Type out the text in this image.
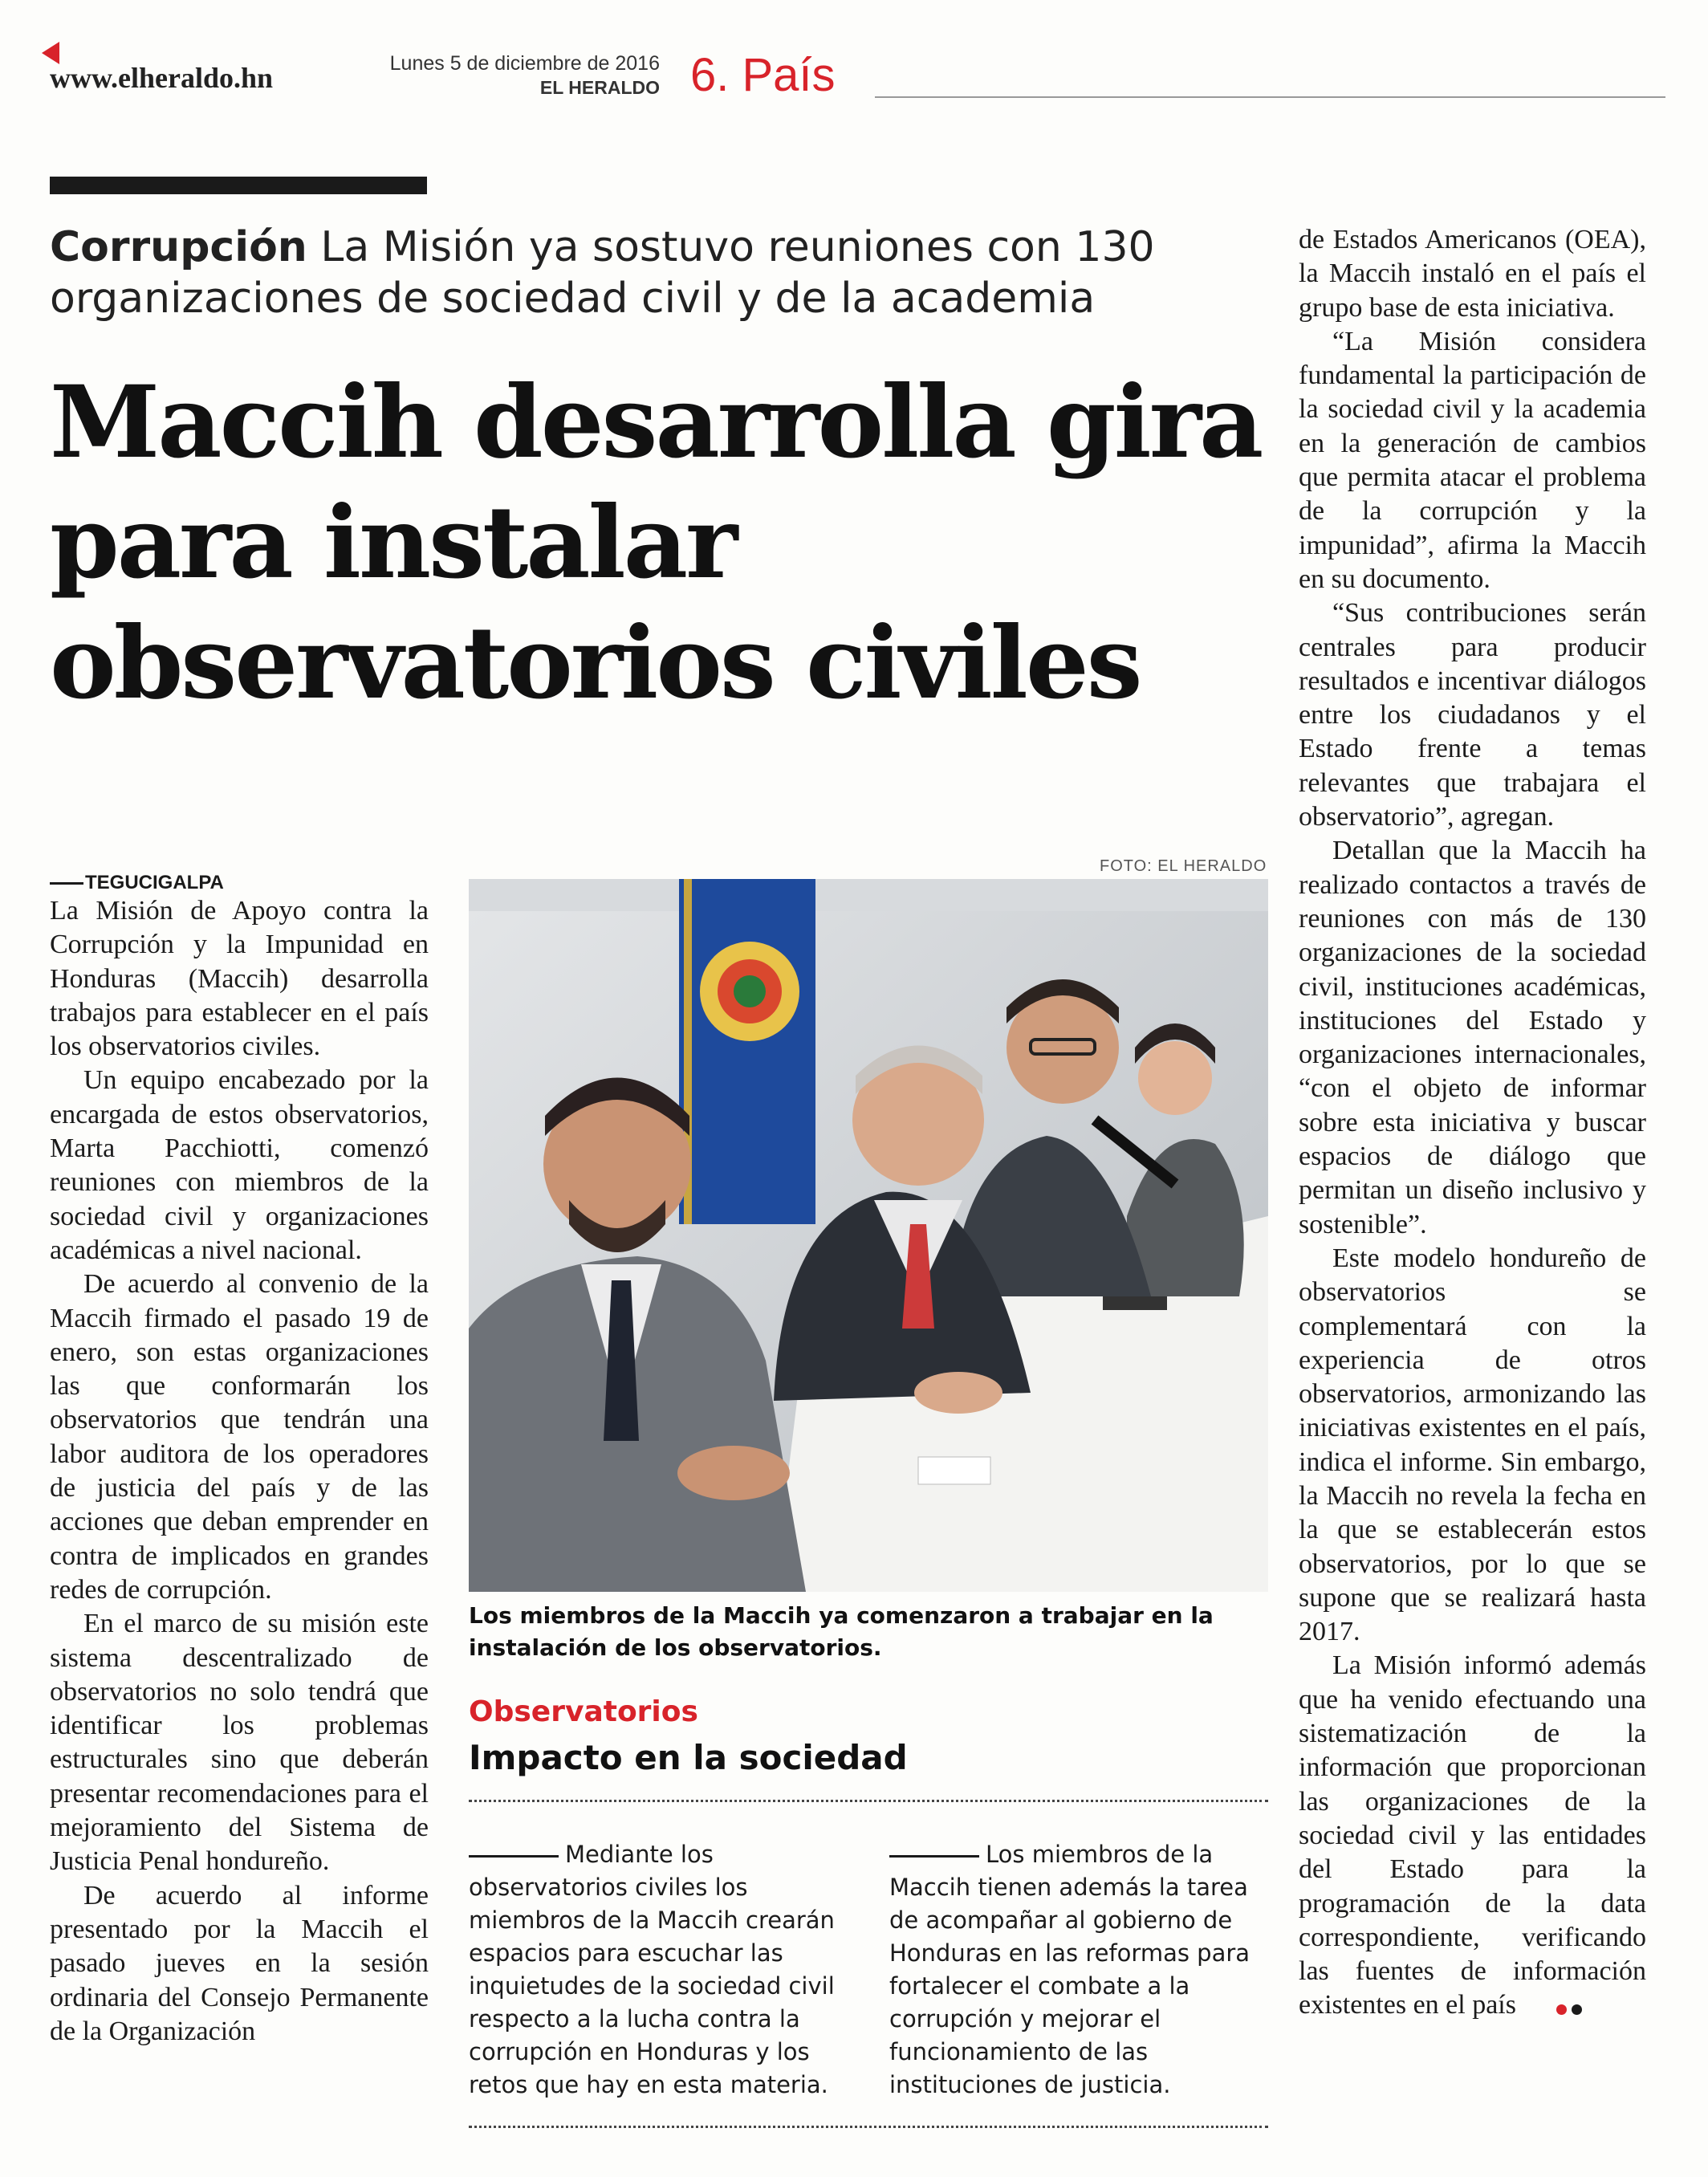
www.elheraldo.hn	Lunes 5 de diciembre de 2016
EL HERALDO 6. País
Corrupción La Misión ya sostuvo reuniones con 130 organizaciones de sociedad civil y de la academia
Maccih desarrolla gira para instalar observatorios civiles
TEGUCIGALPA

La Misión de Apoyo contra la Corrupción y la Impunidad en Honduras (Maccih) desarrolla trabajos para establecer en el país los observatorios civiles.

Un equipo encabezado por la encargada de estos observatorios, Marta Pacchiotti, comenzó reuniones con miembros de la sociedad civil y organizaciones académicas a nivel nacional.

De acuerdo al convenio de la Maccih firmado el pasado 19 de enero, son estas organizaciones las que conformarán los observatorios que tendrán una labor auditora de los operadores de justicia del país y de las acciones que deban emprender en contra de implicados en grandes redes de corrupción.

En el marco de su misión este sistema descentralizado de observatorios no solo tendrá que identificar los problemas estructurales sino que deberán presentar recomendaciones para el mejoramiento del Sistema de Justicia Penal hondureño.

De acuerdo al informe presentado por la Maccih el pasado jueves en la sesión ordinaria del Consejo Permanente de la Organización

FOTO: EL HERALDO
Los miembros de la Maccih ya comenzaron a trabajar en la instalación de los observatorios.
Observatorios
Impacto en la sociedad
Mediante los observatorios civiles los miembros de la Maccih crearán espacios para escuchar las inquietudes de la sociedad civil respecto a la lucha contra la corrupción en Honduras y los retos que hay en esta materia.
Los miembros de la Maccih tienen además la tarea de acompañar al gobierno de Honduras en las reformas para fortalecer el combate a la corrupción y mejorar el funcionamiento de las instituciones de justicia.

de Estados Americanos (OEA), la Maccih instaló en el país el grupo base de esta iniciativa.

“La Misión considera fundamental la participación de la sociedad civil y la academia en la generación de cambios que permita atacar el problema de la corrupción y la impunidad”, afirma la Maccih en su documento.

“Sus contribuciones serán centrales para producir resultados e incentivar diálogos entre los ciudadanos y el Estado frente a temas relevantes que trabajara el observatorio”, agregan.

Detallan que la Maccih ha realizado contactos a través de reuniones con más de 130 organizaciones de la sociedad civil, instituciones académicas, instituciones del Estado y organizaciones internacionales, “con el objeto de informar sobre esta iniciativa y buscar espacios de diálogo que permitan un diseño inclusivo y sostenible”.

Este modelo hondureño de observatorios se complementará con la experiencia de otros observatorios, armonizando las iniciativas existentes en el país, indica el informe. Sin embargo, la Maccih no revela la fecha en la que se establecerán estos observatorios, por lo que se supone que se realizará hasta 2017.

La Misión informó además que ha venido efectuando una sistematización de la información que proporcionan las organizaciones de la sociedad civil y las entidades del Estado para la programación de la data correspondiente, verificando las fuentes de información existentes en el país
